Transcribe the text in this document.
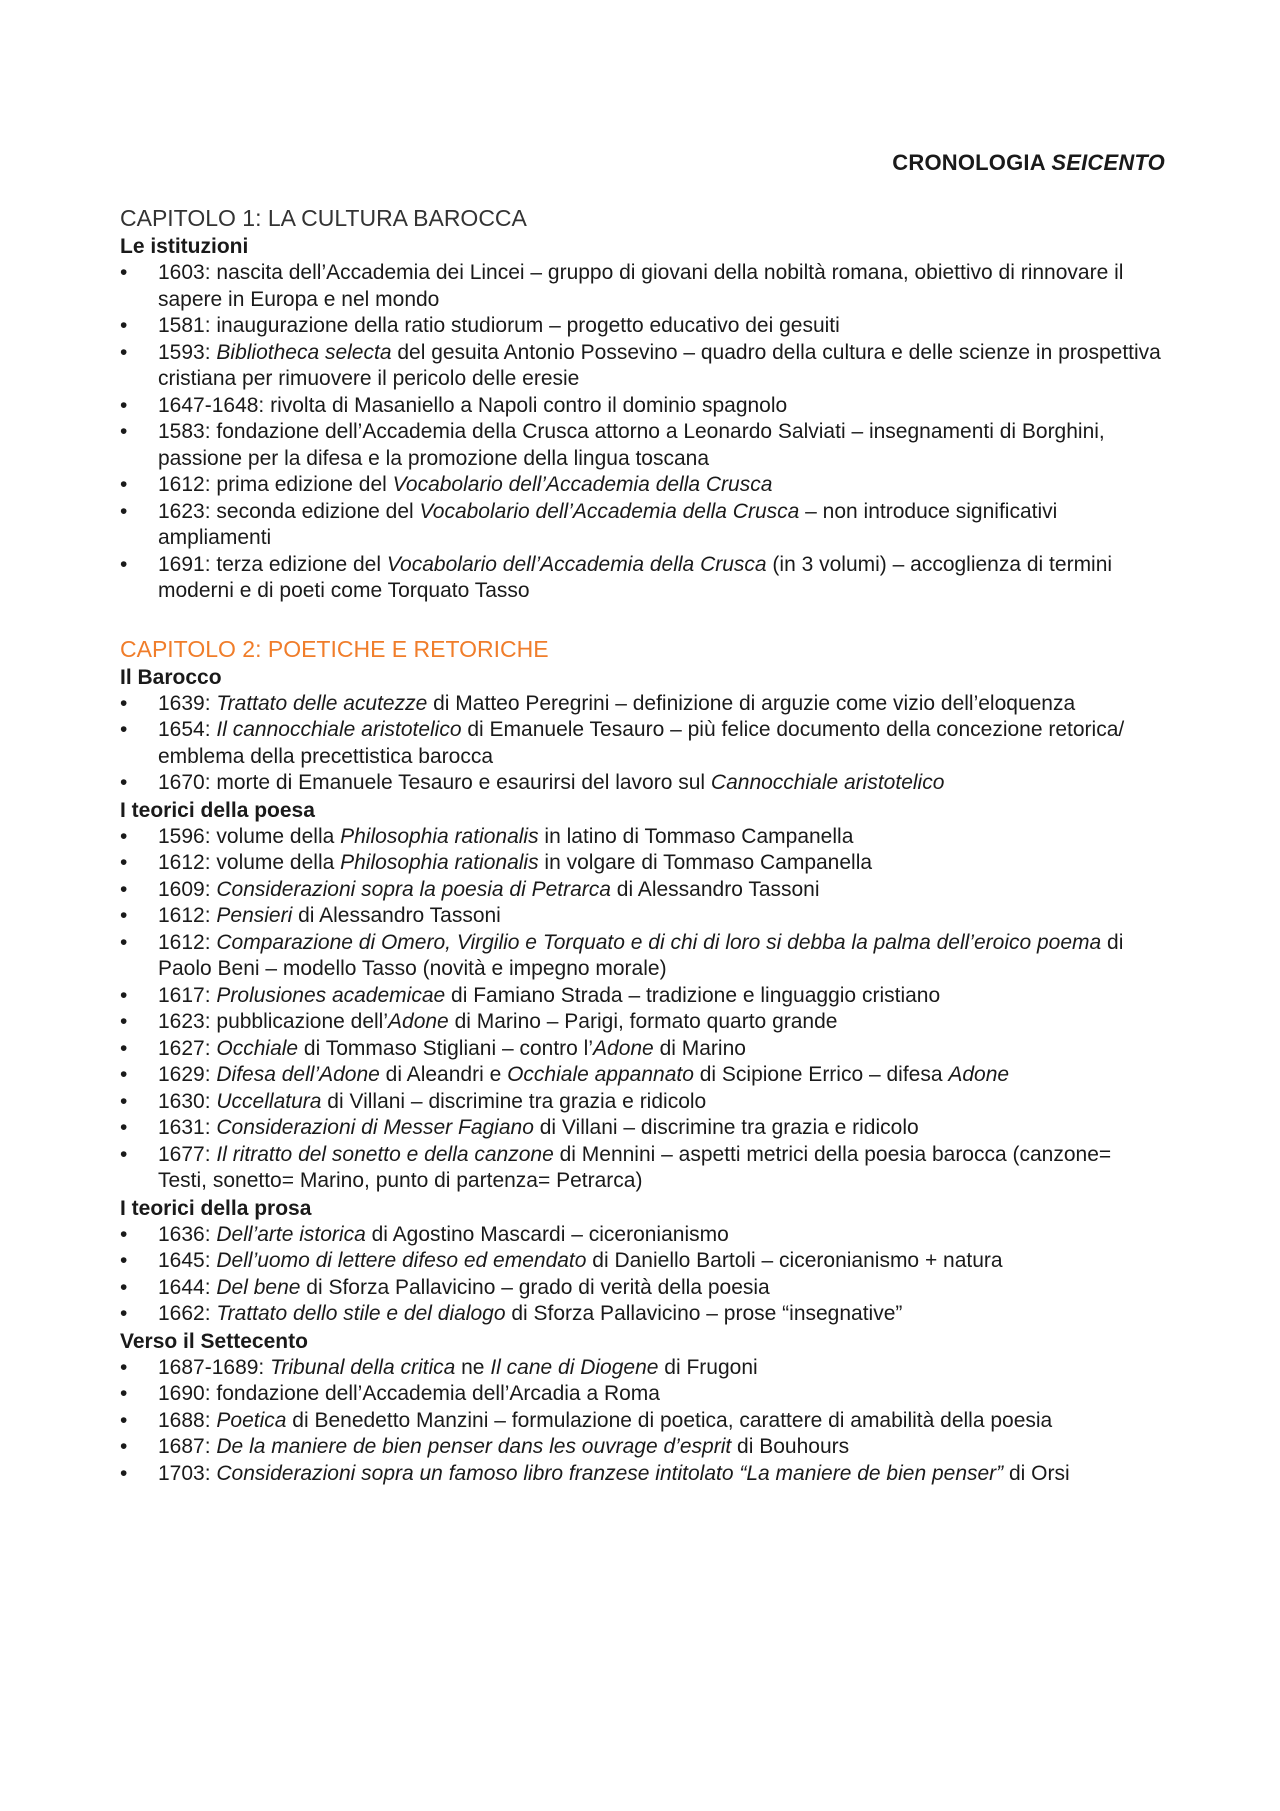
CRONOLOGIA SEICENTO
CAPITOLO 1: LA CULTURA BAROCCA
Le istituzioni
• 1603: nascita dell’Accademia dei Lincei – gruppo di giovani della nobiltà romana, obiettivo di rinnovare il sapere in Europa e nel mondo
• 1581: inaugurazione della ratio studiorum – progetto educativo dei gesuiti
• 1593: Bibliotheca selecta del gesuita Antonio Possevino – quadro della cultura e delle scienze in prospettiva cristiana per rimuovere il pericolo delle eresie
• 1647-1648: rivolta di Masaniello a Napoli contro il dominio spagnolo
• 1583: fondazione dell’Accademia della Crusca attorno a Leonardo Salviati – insegnamenti di Borghini, passione per la difesa e la promozione della lingua toscana
• 1612: prima edizione del Vocabolario dell’Accademia della Crusca
• 1623: seconda edizione del Vocabolario dell’Accademia della Crusca – non introduce significativi ampliamenti
• 1691: terza edizione del Vocabolario dell’Accademia della Crusca (in 3 volumi) – accoglienza di termini moderni e di poeti come Torquato Tasso
CAPITOLO 2: POETICHE E RETORICHE
Il Barocco
• 1639: Trattato delle acutezze di Matteo Peregrini – definizione di arguzie come vizio dell’eloquenza
• 1654: Il cannocchiale aristotelico di Emanuele Tesauro – più felice documento della concezione retorica/ emblema della precettistica barocca
• 1670: morte di Emanuele Tesauro e esaurirsi del lavoro sul Cannocchiale aristotelico
I teorici della poesa
• 1596: volume della Philosophia rationalis in latino di Tommaso Campanella
• 1612: volume della Philosophia rationalis in volgare di Tommaso Campanella
• 1609: Considerazioni sopra la poesia di Petrarca di Alessandro Tassoni
• 1612: Pensieri di Alessandro Tassoni
• 1612: Comparazione di Omero, Virgilio e Torquato e di chi di loro si debba la palma dell’eroico poema di Paolo Beni – modello Tasso (novità e impegno morale)
• 1617: Prolusiones academicae di Famiano Strada – tradizione e linguaggio cristiano
• 1623: pubblicazione dell’Adone di Marino – Parigi, formato quarto grande
• 1627: Occhiale di Tommaso Stigliani – contro l’Adone di Marino
• 1629: Difesa dell’Adone di Aleandri e Occhiale appannato di Scipione Errico – difesa Adone
• 1630: Uccellatura di Villani – discrimine tra grazia e ridicolo
• 1631: Considerazioni di Messer Fagiano di Villani – discrimine tra grazia e ridicolo
• 1677: Il ritratto del sonetto e della canzone di Mennini – aspetti metrici della poesia barocca (canzone= Testi, sonetto= Marino, punto di partenza= Petrarca)
I teorici della prosa
• 1636: Dell’arte istorica di Agostino Mascardi – ciceronianismo
• 1645: Dell’uomo di lettere difeso ed emendato di Daniello Bartoli – ciceronianismo + natura
• 1644: Del bene di Sforza Pallavicino – grado di verità della poesia
• 1662: Trattato dello stile e del dialogo di Sforza Pallavicino – prose “insegnative”
Verso il Settecento
• 1687-1689: Tribunal della critica ne Il cane di Diogene di Frugoni
• 1690: fondazione dell’Accademia dell’Arcadia a Roma
• 1688: Poetica di Benedetto Manzini – formulazione di poetica, carattere di amabilità della poesia
• 1687: De la maniere de bien penser dans les ouvrage d’esprit di Bouhours
• 1703: Considerazioni sopra un famoso libro franzese intitolato “La maniere de bien penser” di Orsi
